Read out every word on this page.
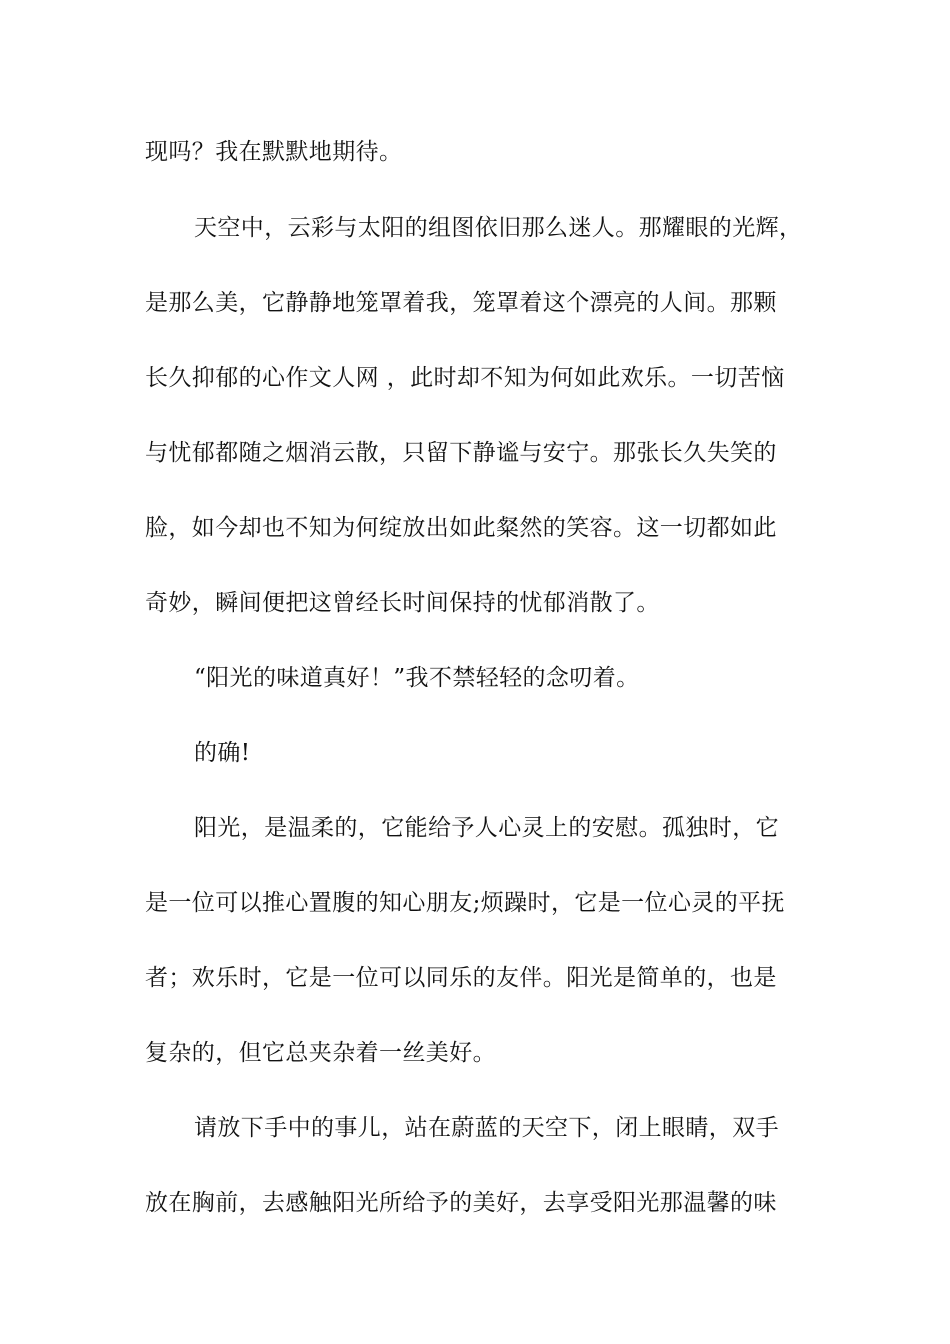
现吗？我在默默地期待。
天空中，云彩与太阳的组图依旧那么迷人。那耀眼的光辉，
是那么美，它静静地笼罩着我，笼罩着这个漂亮的人间。那颗
长久抑郁的心作文人网 ，此时却不知为何如此欢乐。一切苦恼
与忧郁都随之烟消云散，只留下静谧与安宁。那张长久失笑的
脸，如今却也不知为何绽放出如此粲然的笑容。这一切都如此
奇妙，瞬间便把这曾经长时间保持的忧郁消散了。
“阳光的味道真好！”我不禁轻轻的念叨着。
的确!
阳光，是温柔的，它能给予人心灵上的安慰。孤独时，它
是一位可以推心置腹的知心朋友;烦躁时，它是一位心灵的平抚
者；欢乐时，它是一位可以同乐的友伴。阳光是简单的，也是
复杂的，但它总夹杂着一丝美好。
请放下手中的事儿，站在蔚蓝的天空下，闭上眼睛，双手
放在胸前，去感触阳光所给予的美好，去享受阳光那温馨的味
